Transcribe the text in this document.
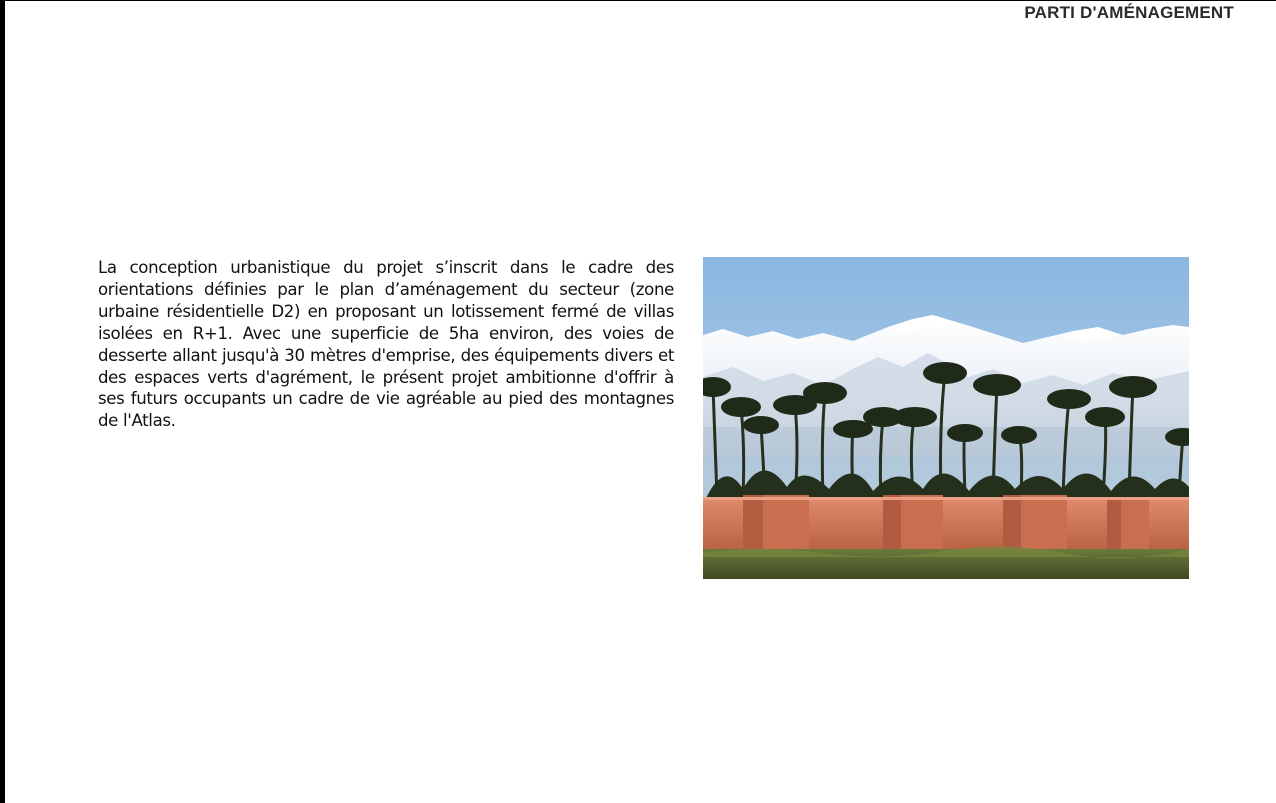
PARTI D'AMÉNAGEMENT
La conception urbanistique du projet s’inscrit dans le cadre des orientations définies par le plan d’aménagement du secteur (zone urbaine résidentielle D2) en proposant un lotissement fermé de villas isolées en R+1. Avec une superficie de 5ha environ, des voies de desserte allant jusqu'à 30 mètres d'emprise, des équipements divers et des espaces verts d'agrément, le présent projet ambitionne d'offrir à ses futurs occupants un cadre de vie agréable au pied des montagnes de l'Atlas.
